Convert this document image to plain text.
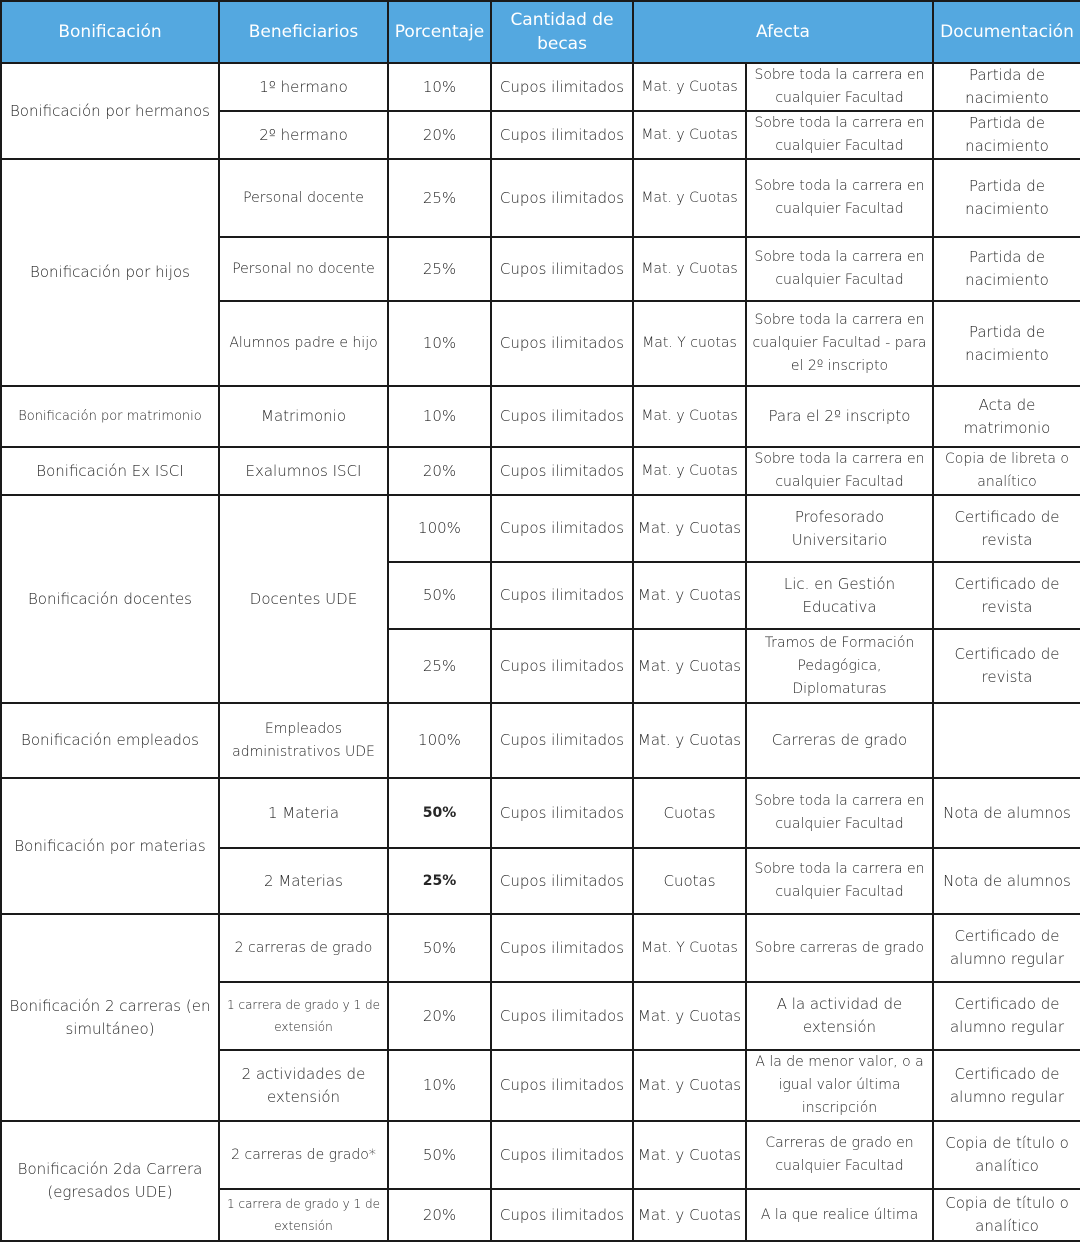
Bonificación	Beneficiarios	Porcentaje	Cantidad de becas	Afecta		Documentación
Bonificación por hermanos	1º hermano	10%	Cupos ilimitados	Mat. y Cuotas	Sobre toda la carrera en cualquier Facultad	Partida de nacimiento
	2º hermano	20%	Cupos ilimitados	Mat. y Cuotas	Sobre toda la carrera en cualquier Facultad	Partida de nacimiento
Bonificación por hijos	Personal docente	25%	Cupos ilimitados	Mat. y Cuotas	Sobre toda la carrera en cualquier Facultad	Partida de nacimiento
	Personal no docente	25%	Cupos ilimitados	Mat. y Cuotas	Sobre toda la carrera en cualquier Facultad	Partida de nacimiento
	Alumnos padre e hijo	10%	Cupos ilimitados	Mat. Y cuotas	Sobre toda la carrera en cualquier Facultad - para el 2º inscripto	Partida de nacimiento
Bonificación por matrimonio	Matrimonio	10%	Cupos ilimitados	Mat. y Cuotas	Para el 2º inscripto	Acta de matrimonio
Bonificación Ex ISCI	Exalumnos ISCI	20%	Cupos ilimitados	Mat. y Cuotas	Sobre toda la carrera en cualquier Facultad	Copia de libreta o analítico
Bonificación docentes	Docentes UDE	100%	Cupos ilimitados	Mat. y Cuotas	Profesorado Universitario	Certificado de revista
		50%	Cupos ilimitados	Mat. y Cuotas	Lic. en Gestión Educativa	Certificado de revista
		25%	Cupos ilimitados	Mat. y Cuotas	Tramos de Formación Pedagógica, Diplomaturas	Certificado de revista
Bonificación empleados	Empleados administrativos UDE	100%	Cupos ilimitados	Mat. y Cuotas	Carreras de grado	
Bonificación por materias	1 Materia	50%	Cupos ilimitados	Cuotas	Sobre toda la carrera en cualquier Facultad	Nota de alumnos
	2 Materias	25%	Cupos ilimitados	Cuotas	Sobre toda la carrera en cualquier Facultad	Nota de alumnos
Bonificación 2 carreras (en simultáneo)	2 carreras de grado	50%	Cupos ilimitados	Mat. Y Cuotas	Sobre carreras de grado	Certificado de alumno regular
	1 carrera de grado y 1 de extensión	20%	Cupos ilimitados	Mat. y Cuotas	A la actividad de extensión	Certificado de alumno regular
	2 actividades de extensión	10%	Cupos ilimitados	Mat. y Cuotas	A la de menor valor, o a igual valor última inscripción	Certificado de alumno regular
Bonificación 2da Carrera (egresados UDE)	2 carreras de grado*	50%	Cupos ilimitados	Mat. y Cuotas	Carreras de grado en cualquier Facultad	Copia de título o analítico
	1 carrera de grado y 1 de extensión	20%	Cupos ilimitados	Mat. y Cuotas	A la que realice última	Copia de título o analítico
